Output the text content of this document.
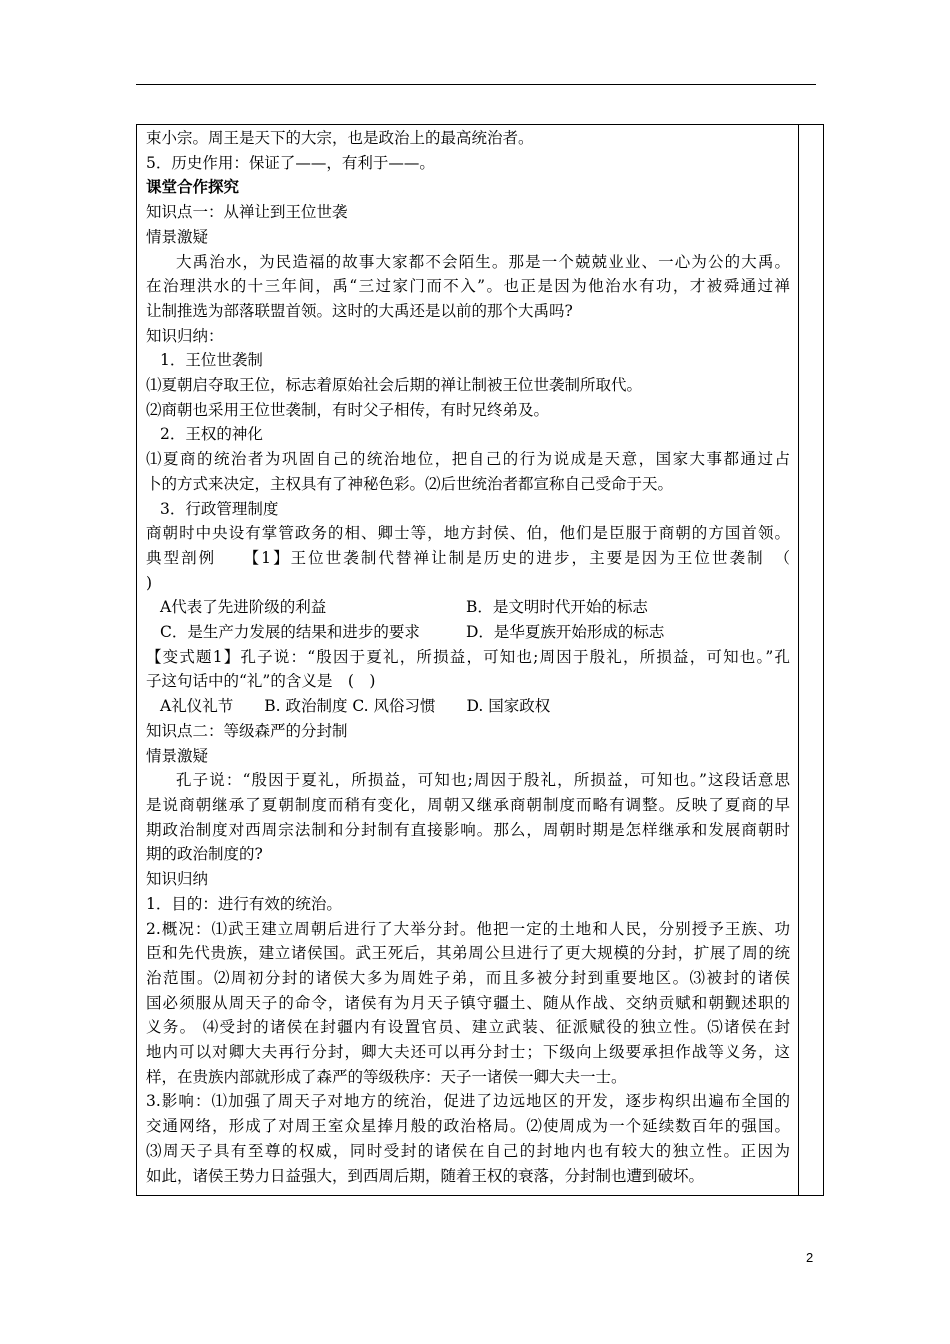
束小宗。周王是天下的大宗，也是政治上的最高统治者。
5．历史作用：保证了——，有利于——。
课堂合作探究
知识点一：从禅让到王位世袭
情景激疑
大禹治水，为民造福的故事大家都不会陌生。那是一个兢兢业业、一心为公的大禹。
在治理洪水的十三年间，禹“三过家门而不入”。也正是因为他治水有功，才被舜通过禅
让制推选为部落联盟首领。这时的大禹还是以前的那个大禹吗?
知识归纳：
1．王位世袭制
⑴夏朝启夺取王位，标志着原始社会后期的禅让制被王位世袭制所取代。
⑵商朝也采用王位世袭制，有时父子相传，有时兄终弟及。
2．王权的神化
⑴夏商的统治者为巩固自己的统治地位，把自己的行为说成是天意，国家大事都通过占
卜的方式来决定，主权具有了神秘色彩。⑵后世统治者都宣称自己受命于天。
3．行政管理制度
商朝时中央设有掌管政务的相、卿士等，地方封侯、伯，他们是臣服于商朝的方国首领。
典型剖例　　【1】王位世袭制代替禅让制是历史的进步，主要是因为王位世袭制　（
)
A代表了先进阶级的利益	B．是文明时代开始的标志
C．是生产力发展的结果和进步的要求	D．是华夏族开始形成的标志
【变式题1】孔子说：“殷因于夏礼，所损益，可知也;周因于殷礼，所损益，可知也。”孔
子这句话中的“礼”的含义是　(　)
A礼仪礼节　　B. 政治制度 C. 风俗习惯　　D. 国家政权
知识点二：等级森严的分封制
情景激疑
孔子说：“殷因于夏礼，所损益，可知也;周因于殷礼，所损益，可知也。”这段话意思
是说商朝继承了夏朝制度而稍有变化，周朝又继承商朝制度而略有调整。反映了夏商的早
期政治制度对西周宗法制和分封制有直接影响。那么，周朝时期是怎样继承和发展商朝时
期的政治制度的?
知识归纳
1．目的：进行有效的统治。
2.概况：⑴武王建立周朝后进行了大举分封。他把一定的土地和人民，分别授予王族、功
臣和先代贵族，建立诸侯国。武王死后，其弟周公旦进行了更大规模的分封，扩展了周的统
治范围。⑵周初分封的诸侯大多为周姓子弟，而且多被分封到重要地区。⑶被封的诸侯
国必须服从周天子的命令，诸侯有为月天子镇守疆土、随从作战、交纳贡赋和朝觐述职的
义务。 ⑷受封的诸侯在封疆内有设置官员、建立武装、征派赋役的独立性。⑸诸侯在封
地内可以对卿大夫再行分封，卿大夫还可以再分封士；下级向上级要承担作战等义务，这
样，在贵族内部就形成了森严的等级秩序：天子一诸侯一卿大夫一士。
3.影响：⑴加强了周天子对地方的统治，促进了边远地区的开发，逐步构织出遍布全国的
交通网络，形成了对周王室众星捧月般的政治格局。⑵使周成为一个延续数百年的强国。
⑶周天子具有至尊的权威，同时受封的诸侯在自己的封地内也有较大的独立性。正因为
如此，诸侯王势力日益强大，到西周后期，随着王权的衰落，分封制也遭到破坏。
2
